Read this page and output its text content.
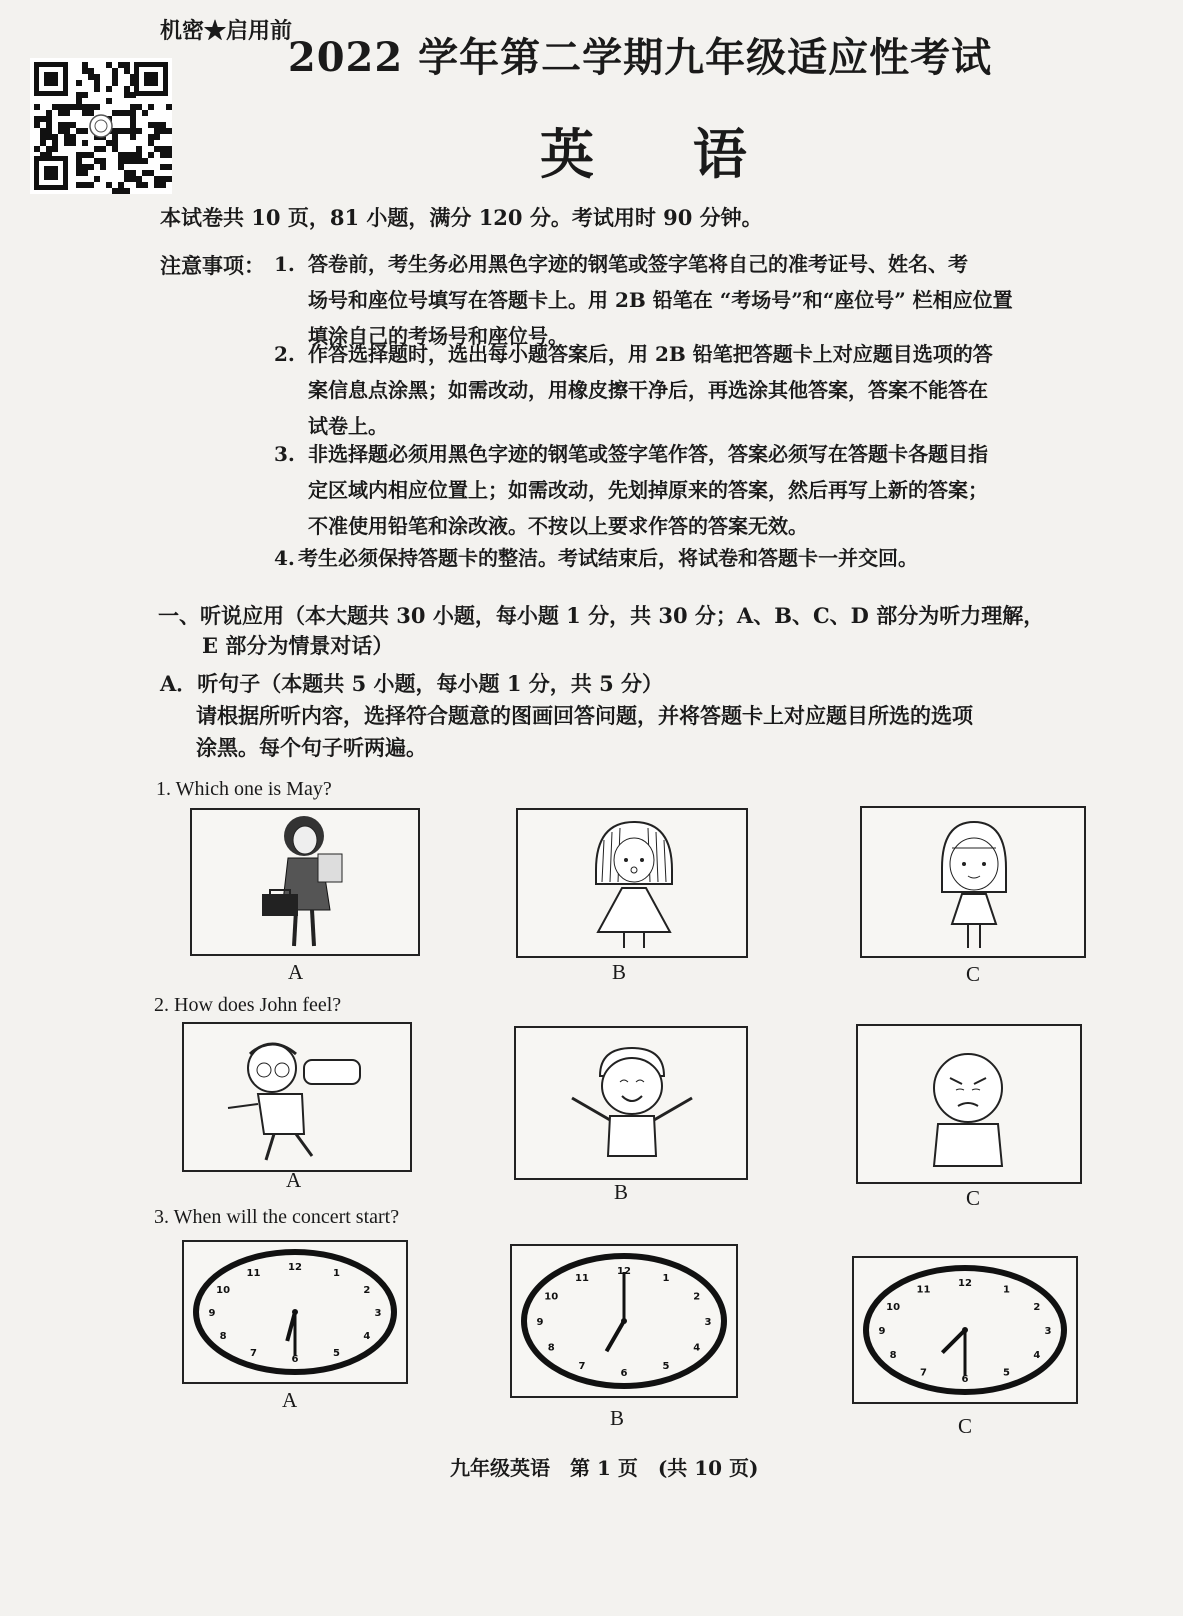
机密★启用前
2022 学年第二学期九年级适应性考试
英 语
本试卷共 10 页，81 小题，满分 120 分。考试用时 90 分钟。
注意事项： 1. 答卷前，考生务必用黑色字迹的钢笔或签字笔将自己的准考证号、姓名、考
场号和座位号填写在答题卡上。用 2B 铅笔在 “考场号”和“座位号” 栏相应位置
填涂自己的考场号和座位号。
2. 作答选择题时，选出每小题答案后，用 2B 铅笔把答题卡上对应题目选项的答
案信息点涂黑；如需改动，用橡皮擦干净后，再选涂其他答案，答案不能答在
试卷上。
3. 非选择题必须用黑色字迹的钢笔或签字笔作答，答案必须写在答题卡各题目指
定区域内相应位置上；如需改动，先划掉原来的答案，然后再写上新的答案；
不准使用铅笔和涂改液。不按以上要求作答的答案无效。
4. 考生必须保持答题卡的整洁。考试结束后，将试卷和答题卡一并交回。
一、听说应用（本大题共 30 小题，每小题 1 分，共 30 分；A、B、C、D 部分为听力理解，
E 部分为情景对话）
A．听句子（本题共 5 小题，每小题 1 分，共 5 分）
请根据所听内容，选择符合题意的图画回答问题，并将答题卡上对应题目所选的选项
涂黑。每个句子听两遍。
1. Which one is May?
A	B	C
2. How does John feel?
A	B	C
3. When will the concert start?
1
2
3
4
5
6
7
8
9
10
11
12
A
1
2
3
4
5
6
7
8
9
10
11
12
B
1
2
3
4
5
6
7
8
9
10
11
12
C
九年级英语　第 1 页　(共 10 页)
